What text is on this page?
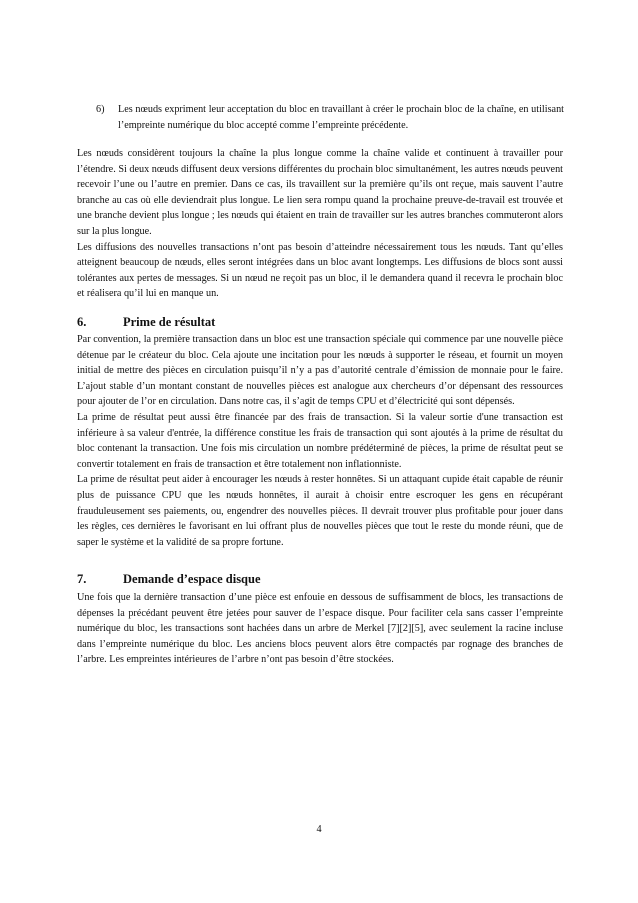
6) Les nœuds expriment leur acceptation du bloc en travaillant à créer le prochain bloc de la chaîne, en utilisant l’empreinte numérique du bloc accepté comme l’empreinte précédente.

Les nœuds considèrent toujours la chaîne la plus longue comme la chaîne valide et continuent à travailler pour l’étendre. Si deux nœuds diffusent deux versions différentes du prochain bloc simultanément, les autres nœuds peuvent recevoir l’une ou l’autre en premier. Dans ce cas, ils travaillent sur la première qu’ils ont reçue, mais sauvent l’autre branche au cas où elle deviendrait plus longue. Le lien sera rompu quand la prochaine preuve-de-travail est trouvée et une branche devient plus longue ; les nœuds qui étaient en train de travailler sur les autres branches commuteront alors sur la plus longue.

Les diffusions des nouvelles transactions n’ont pas besoin d’atteindre nécessairement tous les nœuds. Tant qu’elles atteignent beaucoup de nœuds, elles seront intégrées dans un bloc avant longtemps. Les diffusions de blocs sont aussi tolérantes aux pertes de messages. Si un nœud ne reçoit pas un bloc, il le demandera quand il recevra le prochain bloc et réalisera qu’il lui en manque un.

6.	Prime de résultat

Par convention, la première transaction dans un bloc est une transaction spéciale qui commence par une nouvelle pièce détenue par le créateur du bloc. Cela ajoute une incitation pour les nœuds à supporter le réseau, et fournit un moyen initial de mettre des pièces en circulation puisqu’il n’y a pas d’autorité centrale d’émission de monnaie pour le faire. L’ajout stable d’un montant constant de nouvelles pièces est analogue aux chercheurs d’or dépensant des ressources pour ajouter de l’or en circulation. Dans notre cas, il s’agit de temps CPU et d’électricité qui sont dépensés.

La prime de résultat peut aussi être financée par des frais de transaction. Si la valeur sortie d'une transaction est inférieure à sa valeur d'entrée, la différence constitue les frais de transaction qui sont ajoutés à la prime de résultat du bloc contenant la transaction. Une fois mis circulation un nombre prédéterminé de pièces, la prime de résultat peut se convertir totalement en frais de transaction et être totalement non inflationniste.

La prime de résultat peut aider à encourager les nœuds à rester honnêtes. Si un attaquant cupide était capable de réunir plus de puissance CPU que les nœuds honnêtes, il aurait à choisir entre escroquer les gens en récupérant frauduleusement ses paiements, ou, engendrer des nouvelles pièces. Il devrait trouver plus profitable pour jouer dans les règles, ces dernières le favorisant en lui offrant plus de nouvelles pièces que tout le reste du monde réuni, que de saper le système et la validité de sa propre fortune.

7.	Demande d’espace disque

Une fois que la dernière transaction d’une pièce est enfouie en dessous de suffisamment de blocs, les transactions de dépenses la précédant peuvent être jetées pour sauver de l’espace disque. Pour faciliter cela sans casser l’empreinte numérique du bloc, les transactions sont hachées dans un arbre de Merkel [7][2][5], avec seulement la racine incluse dans l’empreinte numérique du bloc. Les anciens blocs peuvent alors être compactés par rognage des branches de l’arbre. Les empreintes intérieures de l’arbre n’ont pas besoin d’être stockées.

4
